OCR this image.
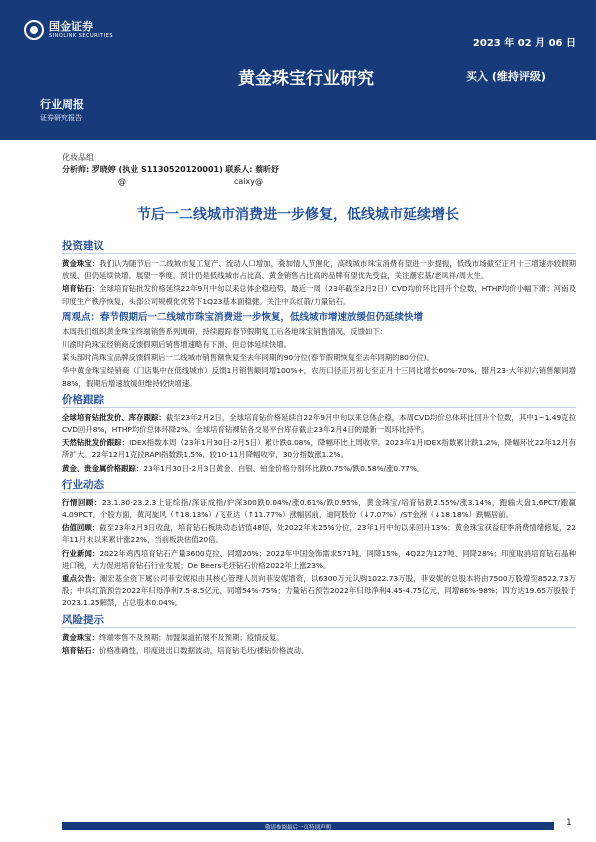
国金证券
SINOLINK SECURITIES
2023 年 02 月 06 日
黄金珠宝行业研究	买入 (维持评级)
行业周报
证券研究报告
化妆品组
分析师: 罗晓婷 (执业 S1130520120001) 联系人: 蔡昕妤
@	caixy@
节后一二线城市消费进一步修复，低线城市延续增长
投资建议

黄金珠宝：我们认为随节后一二线城市复工复产、流动人口增加，叠加情人节催化，高线城市珠宝消费有望进一步提振，低线市场截至正月十三增速亦较假期放缓、但仍延续快增。展望一季度，预计仍是低线城市占比高、黄金销售占比高的品牌有望优先受益，关注潮宏基/老凤祥/周大生。

培育钻石：全球培育钻批发价格延续22年9月中旬以来总体企稳趋势，最近一周（23年截至2月2日）CVD均价环比回升个位数，HTHP均价小幅下滑；河南及印度生产秩序恢复，头部公司规模化优势下1Q23基本面稳健。关注中兵红箭/力量钻石。

周观点：春节假期后一二线城市珠宝消费进一步恢复，低线城市增速放缓但仍延续快增

本周我们组织黄金珠宝终端销售系列调研，持续跟踪春节假期复工后各地珠宝销售情况，反馈如下：

川渝时尚珠宝经销商反馈假期后销售增速略有下滑、但总体延续快增。

某头部时尚珠宝品牌反馈假期后一二线城市销售额恢复至去年同期的90分位(春节假期恢复至去年同期的80分位)。

华中黄金珠宝经销商（门店集中在低线城市）反馈1月销售额同增100%+，农历口径正月初七至正月十三同比增长60%-70%，腊月23-大年初六销售额同增88%，假期后增速放缓但维持较快增速。

价格跟踪

全球培育钻批发价、库存跟踪：截至23年2月2日，全球培育钻价格延续自22年9月中旬以来总体企稳，本周CVD均价总体环比回升个位数，其中1~1.49克拉CVD回升8%，HTHP均价总体环降2%。全球培育钻裸钻各交易平台库存截止23年2月4日的最新一周环比持平。

天然钻批发价跟踪：IDEX指数本周（23年1月30日-2月5日）累计跌0.08%，降幅环比上周收窄。2023年1月IDEX指数累计跌1.2%，降幅环比22年12月有所扩大。22年12月1克拉RAPI指数跌1.5%、较10-11月降幅收窄，30分指数涨1.2%。

黄金、贵金属价格跟踪：23年1月30日-2月3日黄金、白银、铂金价格分别环比跌0.75%/跌0.58%/涨0.77%。

行业动态

行情回顾：23.1.30-23.2.3上证综指/深证成指/沪深300跌0.04%/涨0.61%/跌0.95%，黄金珠宝/培育钻跌2.55%/涨3.14%，跑输大盘1.6PCT/跑赢4.09PCT。个股方面，黄河旋风（↑18.13%）/飞亚达（↑11.77%）涨幅居前，迪阿股份（↓7.07%）/ST金洲（↓18.18%）跌幅居前。

估值回顾：截至23年2月3日收盘，培育钻石板块动态估值48倍，处2022年末25%分位，23年1月中旬以来回升13%；黄金珠宝获益旺季消费情绪修复，22年11月末以来累计涨22%，当前板块估值20倍。

行业新闻：2022年鸡西培育钻石产量3600克拉、同增20%；2022年中国金饰需求571吨、同降15%，4Q22为127吨、同降28%；印度取消培育钻石晶种进口税，大力促进培育钻石行业发展；De Beers毛坯钻石价格2022年上涨23%。

重点公告：潮宏基全资下属公司菲安妮拟由其核心管理人员向菲安妮增资，以6300万元认购1022.73万股，菲安妮的总股本将由7500万股增至8522.73万股；中兵红箭预告2022年归母净利7.5-8.5亿元，同增54%-75%；力量钻石预告2022年归母净利4.45-4.75亿元，同增86%-98%；四方达19.65万股股于2023.1.25解禁，占总股本0.04%。

风险提示

黄金珠宝：终端零售不及预期；加盟渠道拓展不及预期；疫情反复。

培育钻石：价格准确性，印度进出口数据波动，培育钻毛坯/裸钻价格波动。

敬请参阅最后一页特别声明	1
